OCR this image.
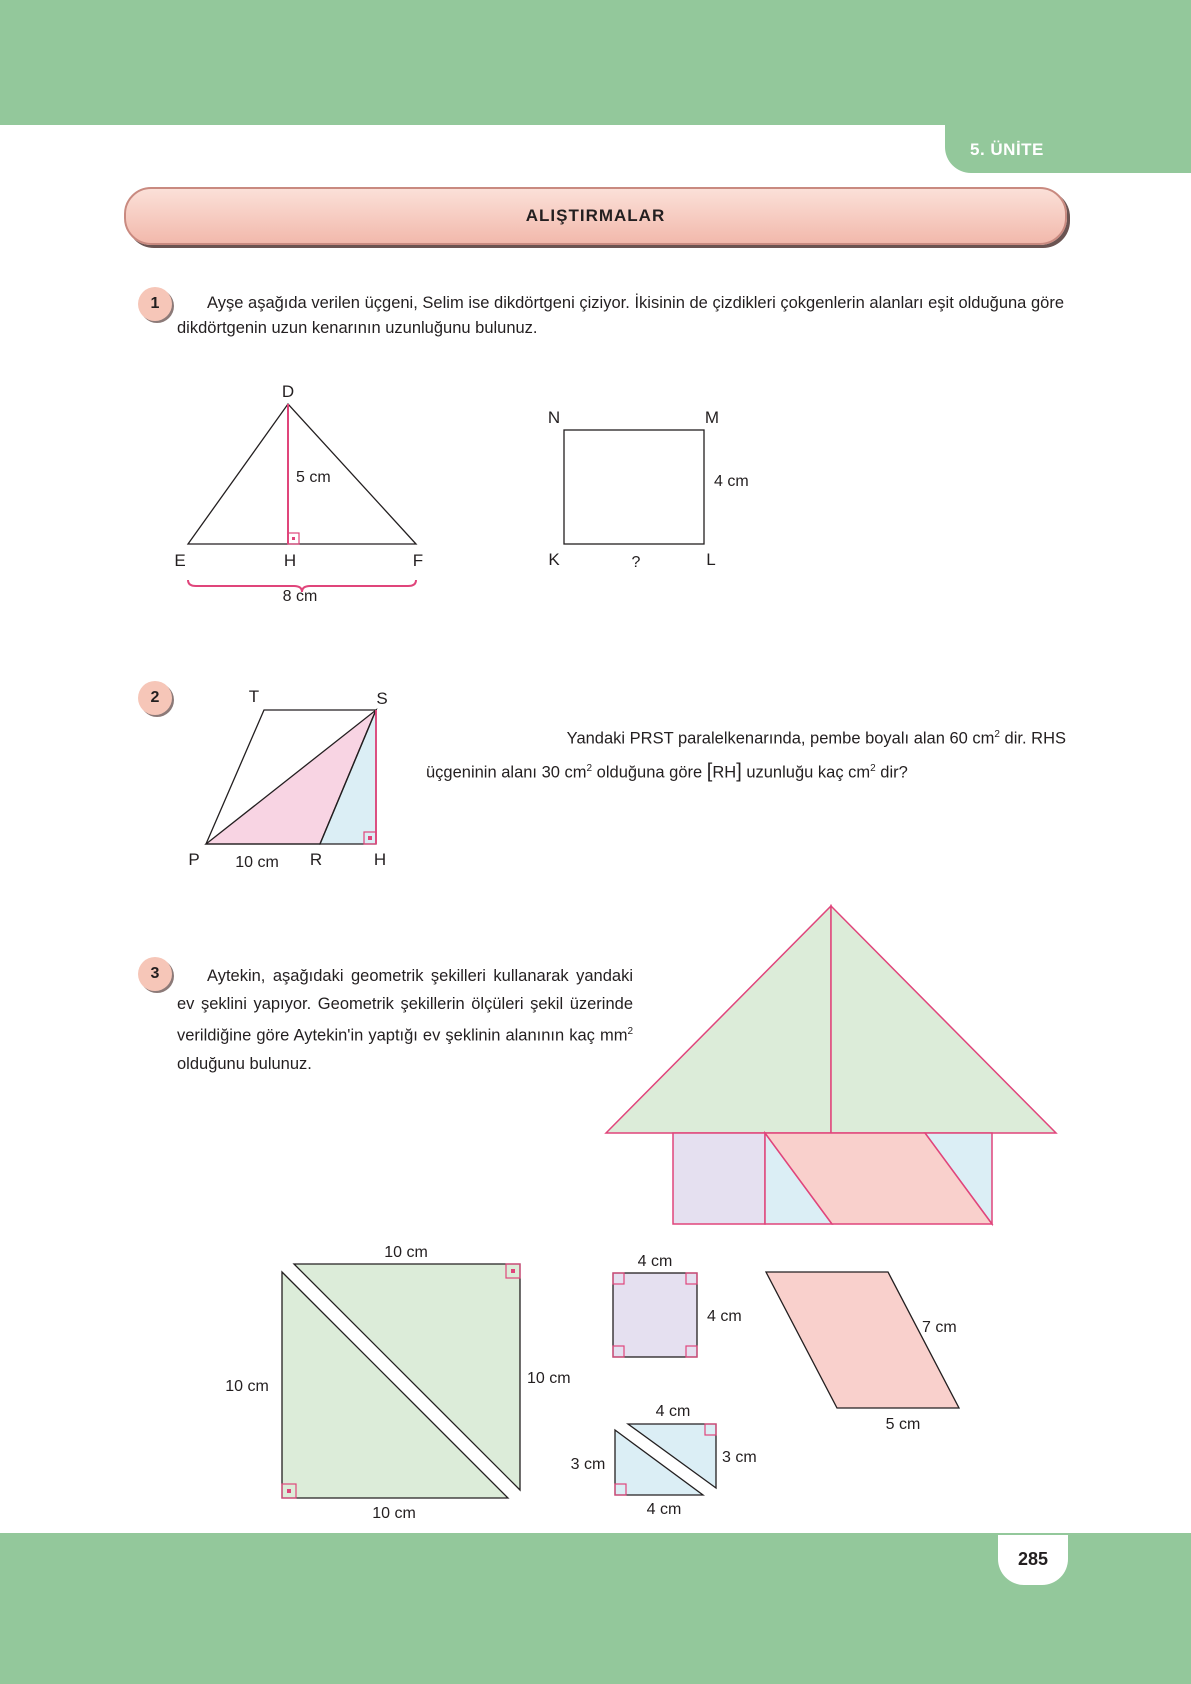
5. ÜNİTE
ALIŞTIRMALAR
1	Ayşe aşağıda verilen üçgeni, Selim ise dikdörtgeni çiziyor. İkisinin de çizdikleri çokgenlerin alanları eşit olduğuna göre dikdörtgenin uzun kenarının uzunluğunu bulunuz.
D
E	H	F
5 cm
8 cm
N	M
K	L
4 cm
?
2	T	S
P	R	H
10 cm
Yandaki PRST paralelkenarında, pembe boyalı alan 60 $cm^2$ dir. RHS
üçgeninin alanı 30 $cm^2$ olduğuna göre [RH] uzunluğu kaç $cm^2$ dir?
3	Aytekin, aşağıdaki geometrik şekilleri kullanarak yandaki ev şeklini yapıyor. Geometrik şekillerin ölçüleri şekil üzerinde verildiğine göre Aytekin'in yaptığı ev şeklinin alanının kaç $mm^2$ olduğunu bulunuz.
10 cm
10 cm
10 cm
10 cm
4 cm
4 cm
4 cm
3 cm
3 cm
4 cm
7 cm
5 cm
285
